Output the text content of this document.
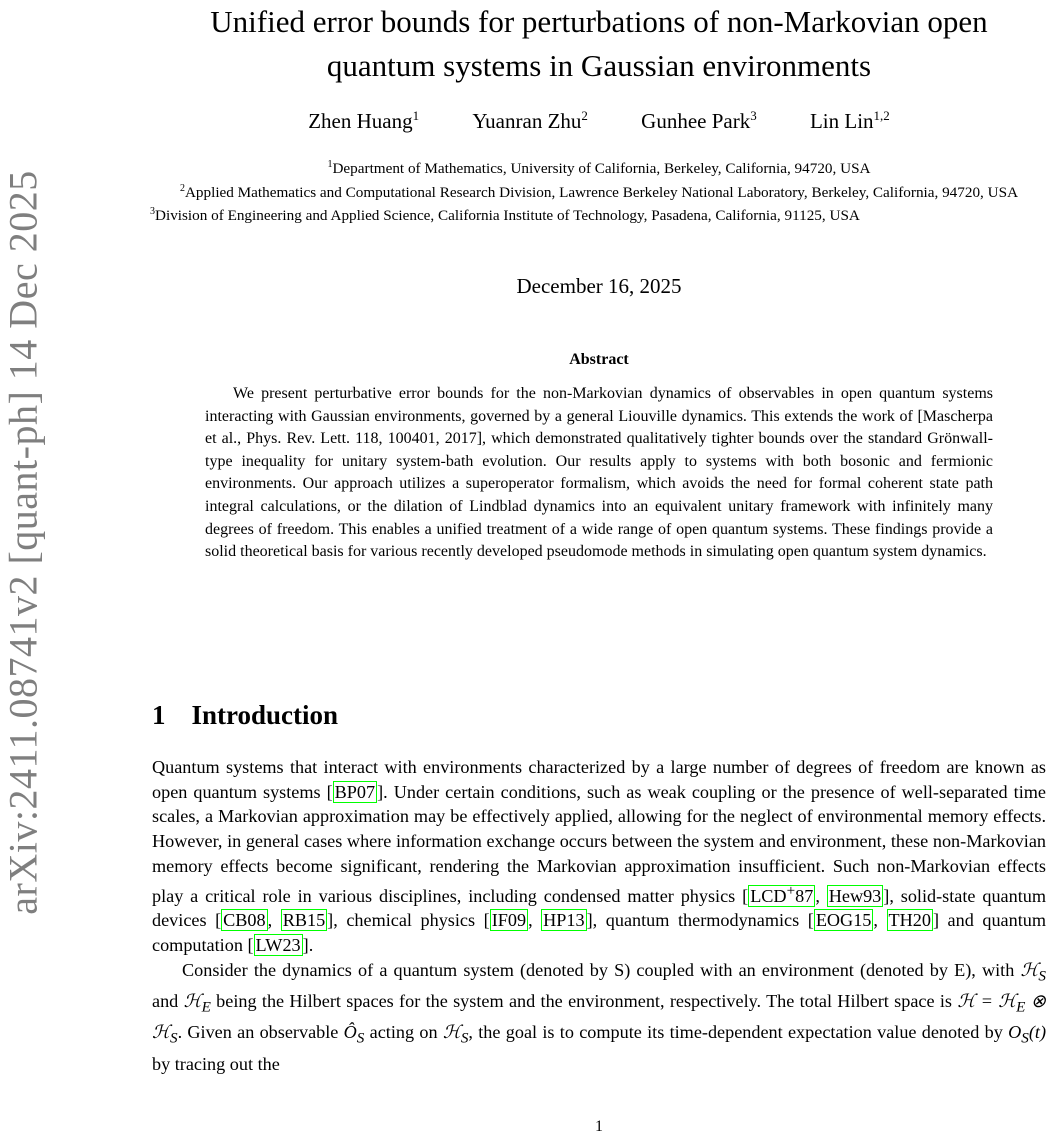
arXiv:2411.08741v2 [quant-ph] 14 Dec 2025
Unified error bounds for perturbations of non-Markovian open
quantum systems in Gaussian environments
Zhen Huang$^1$	Yuanran Zhu$^2$	Gunhee Park$^3$	Lin Lin$^{1,2}$
$^1$Department of Mathematics, University of California, Berkeley, California, 94720, USA
$^2$Applied Mathematics and Computational Research Division, Lawrence Berkeley National Laboratory, Berkeley, California, 94720, USA
$^3$Division of Engineering and Applied Science, California Institute of Technology, Pasadena, California, 91125, USA
December 16, 2025
Abstract

We present perturbative error bounds for the non-Markovian dynamics of observables in open quantum systems interacting with Gaussian environments, governed by a general Liouville dynamics. This extends the work of [Mascherpa et al., Phys. Rev. Lett. 118, 100401, 2017], which demonstrated qualitatively tighter bounds over the standard Grönwall-type inequality for unitary system-bath evolution. Our results apply to systems with both bosonic and fermionic environments. Our approach utilizes a superoperator formalism, which avoids the need for formal coherent state path integral calculations, or the dilation of Lindblad dynamics into an equivalent unitary framework with infinitely many degrees of freedom. This enables a unified treatment of a wide range of open quantum systems. These findings provide a solid theoretical basis for various recently developed pseudomode methods in simulating open quantum system dynamics.

1 Introduction

Quantum systems that interact with environments characterized by a large number of degrees of freedom are known as open quantum systems [ BP07 ]. Under certain conditions, such as weak coupling or the presence of well-separated time scales, a Markovian approximation may be effectively applied, allowing for the neglect of environmental memory effects. However, in general cases where information exchange occurs between the system and environment, these non-Markovian memory effects become significant, rendering the Markovian approximation insufficient. Such non-Markovian effects play a critical role in various disciplines, including condensed matter physics [ LCD+87 , Hew93 ], solid-state quantum devices [ CB08 , RB15 ], chemical physics [ IF09 , HP13 ], quantum thermodynamics [ EOG15 , TH20 ] and quantum computation [ LW23 ].

Consider the dynamics of a quantum system (denoted by S) coupled with an environment (denoted by E), with ℋ$_S$ and ℋ$_E$ being the Hilbert spaces for the system and the environment, respectively. The total Hilbert space is ℋ = ℋ$_E$ ⊗ ℋ$_S$. Given an observable $Ô_S$ acting on ℋ$_S$, the goal is to compute its time-dependent expectation value denoted by $O_S(t)$ by tracing out the

1
